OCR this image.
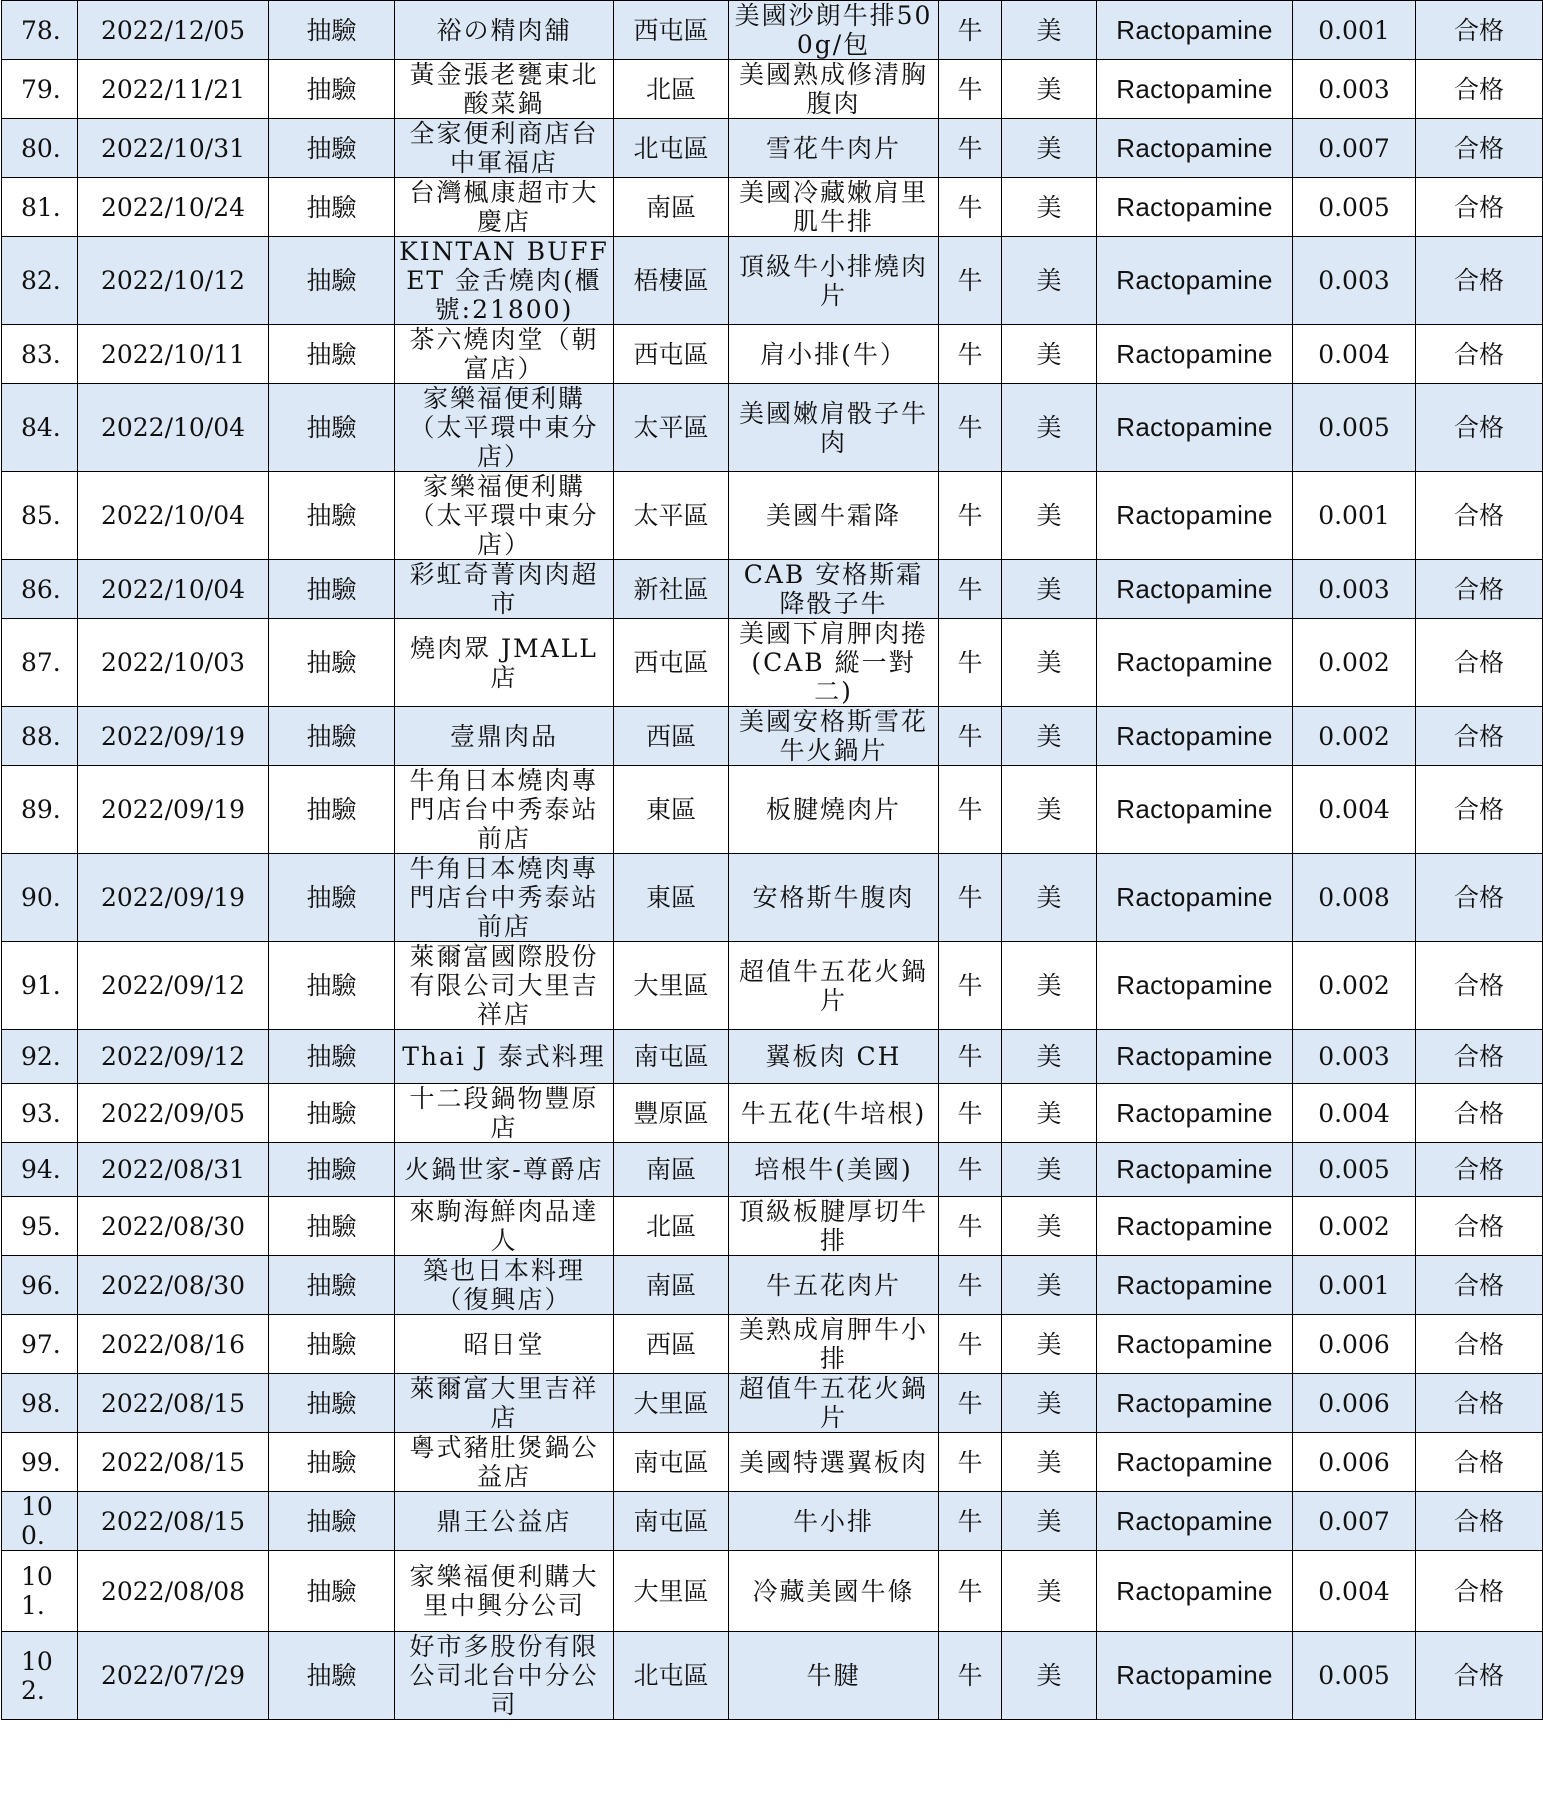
78.	2022/12/05	抽驗	裕の精肉舖	西屯區	美國沙朗牛排500g/包	牛	美	Ractopamine	0.001	合格
79.	2022/11/21	抽驗	黃金張老甕東北酸菜鍋	北區	美國熟成修清胸腹肉	牛	美	Ractopamine	0.003	合格
80.	2022/10/31	抽驗	全家便利商店台中軍福店	北屯區	雪花牛肉片	牛	美	Ractopamine	0.007	合格
81.	2022/10/24	抽驗	台灣楓康超市大慶店	南區	美國冷藏嫩肩里肌牛排	牛	美	Ractopamine	0.005	合格
82.	2022/10/12	抽驗	KINTAN BUFFET 金舌燒肉(櫃號:21800)	梧棲區	頂級牛小排燒肉片	牛	美	Ractopamine	0.003	合格
83.	2022/10/11	抽驗	茶六燒肉堂（朝富店）	西屯區	肩小排(牛）	牛	美	Ractopamine	0.004	合格
84.	2022/10/04	抽驗	家樂福便利購（太平環中東分店）	太平區	美國嫩肩骰子牛肉	牛	美	Ractopamine	0.005	合格
85.	2022/10/04	抽驗	家樂福便利購（太平環中東分店）	太平區	美國牛霜降	牛	美	Ractopamine	0.001	合格
86.	2022/10/04	抽驗	彩虹奇菁肉肉超市	新社區	CAB 安格斯霜降骰子牛	牛	美	Ractopamine	0.003	合格
87.	2022/10/03	抽驗	燒肉眾 JMALL 店	西屯區	美國下肩胛肉捲(CAB 縱一對二)	牛	美	Ractopamine	0.002	合格
88.	2022/09/19	抽驗	壹鼎肉品	西區	美國安格斯雪花牛火鍋片	牛	美	Ractopamine	0.002	合格
89.	2022/09/19	抽驗	牛角日本燒肉專門店台中秀泰站前店	東區	板腱燒肉片	牛	美	Ractopamine	0.004	合格
90.	2022/09/19	抽驗	牛角日本燒肉專門店台中秀泰站前店	東區	安格斯牛腹肉	牛	美	Ractopamine	0.008	合格
91.	2022/09/12	抽驗	萊爾富國際股份有限公司大里吉祥店	大里區	超值牛五花火鍋片	牛	美	Ractopamine	0.002	合格
92.	2022/09/12	抽驗	Thai J 泰式料理	南屯區	翼板肉 CH	牛	美	Ractopamine	0.003	合格
93.	2022/09/05	抽驗	十二段鍋物豐原店	豐原區	牛五花(牛培根)	牛	美	Ractopamine	0.004	合格
94.	2022/08/31	抽驗	火鍋世家-尊爵店	南區	培根牛(美國)	牛	美	Ractopamine	0.005	合格
95.	2022/08/30	抽驗	來駒海鮮肉品達人	北區	頂級板腱厚切牛排	牛	美	Ractopamine	0.002	合格
96.	2022/08/30	抽驗	築也日本料理（復興店）	南區	牛五花肉片	牛	美	Ractopamine	0.001	合格
97.	2022/08/16	抽驗	昭日堂	西區	美熟成肩胛牛小排	牛	美	Ractopamine	0.006	合格
98.	2022/08/15	抽驗	萊爾富大里吉祥店	大里區	超值牛五花火鍋片	牛	美	Ractopamine	0.006	合格
99.	2022/08/15	抽驗	粵式豬肚煲鍋公益店	南屯區	美國特選翼板肉	牛	美	Ractopamine	0.006	合格
100.	2022/08/15	抽驗	鼎王公益店	南屯區	牛小排	牛	美	Ractopamine	0.007	合格
101.	2022/08/08	抽驗	家樂福便利購大里中興分公司	大里區	冷藏美國牛條	牛	美	Ractopamine	0.004	合格
102.	2022/07/29	抽驗	好市多股份有限公司北台中分公司	北屯區	牛腱	牛	美	Ractopamine	0.005	合格
